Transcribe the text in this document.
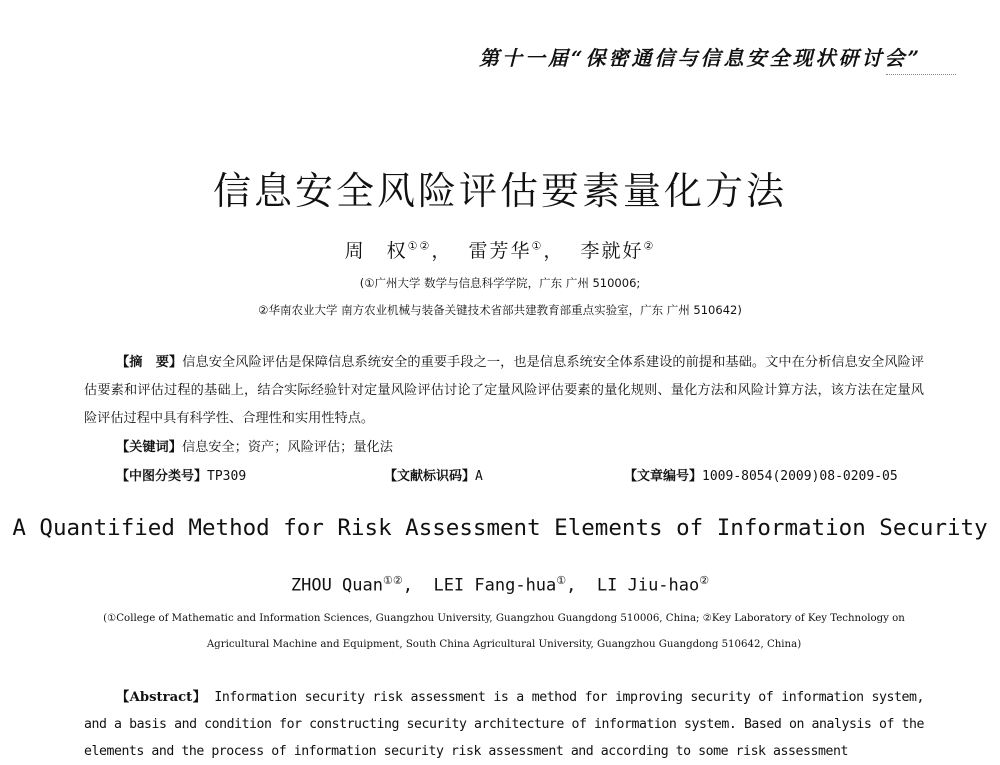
第十一届“保密通信与信息安全现状研讨会”
信息安全风险评估要素量化方法
周　权①②， 雷芳华①， 李就好②
(①广州大学 数学与信息科学学院，广东 广州 510006;
②华南农业大学 南方农业机械与装备关键技术省部共建教育部重点实验室，广东 广州 510642)

【摘　要】信息安全风险评估是保障信息系统安全的重要手段之一，也是信息系统安全体系建设的前提和基础。文中在分析信息安全风险评估要素和评估过程的基础上，结合实际经验针对定量风险评估讨论了定量风险评估要素的量化规则、量化方法和风险计算方法，该方法在定量风险评估过程中具有科学性、合理性和实用性特点。

【关键词】信息安全；资产；风险评估；量化法
【中图分类号】TP309	【文献标识码】A	【文章编号】1009-8054(2009)08-0209-05
A Quantified Method for Risk Assessment Elements of Information Security
ZHOU Quan①②, LEI Fang-hua①, LI Jiu-hao②

(①College of Mathematic and Information Sciences, Guangzhou University, Guangzhou Guangdong 510006, China; ②Key Laboratory of Key Technology on Agricultural Machine and Equipment, South China Agricultural University, Guangzhou Guangdong 510642, China)

【Abstract】 Information security risk assessment is a method for improving security of information system, and a basis and condition for constructing security architecture of information system. Based on analysis of the elements and the process of information security risk assessment and according to some risk assessment
